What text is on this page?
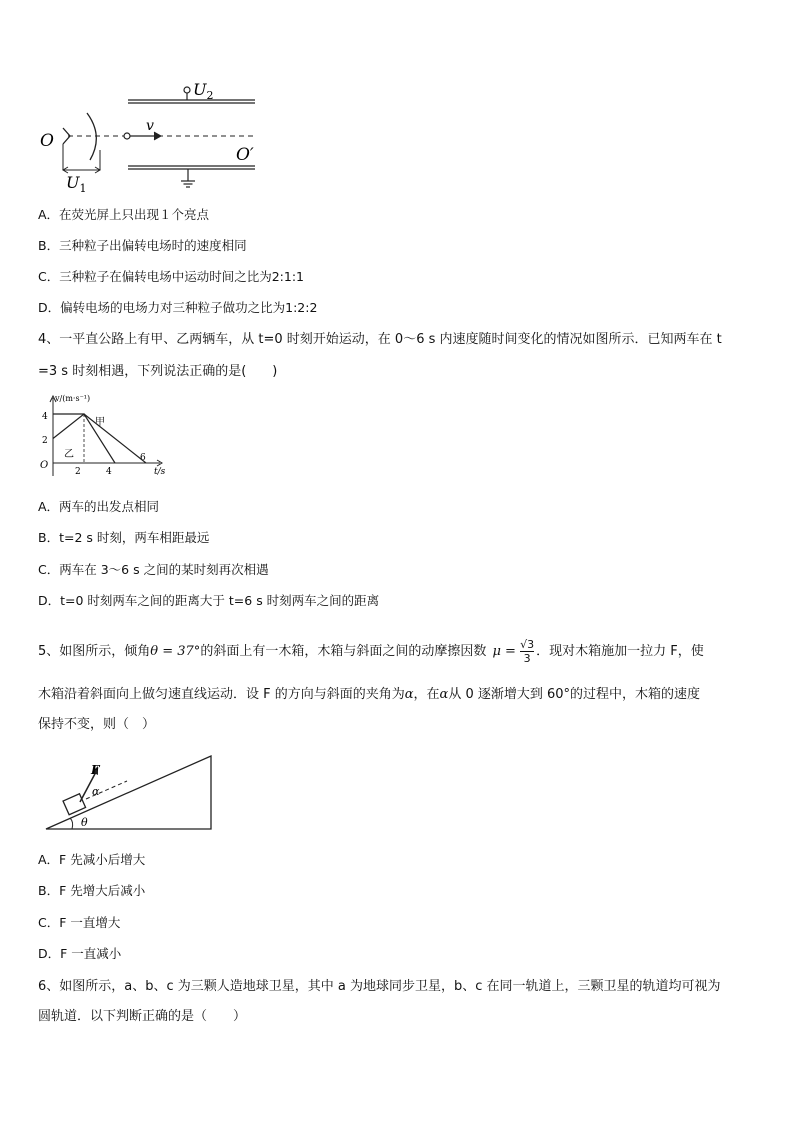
$U_2$
O
$U_1$
v
O′
A．在荧光屏上只出现１个亮点
B．三种粒子出偏转电场时的速度相同
C．三种粒子在偏转电场中运动时间之比为2:1:1
D．偏转电场的电场力对三种粒子做功之比为1:2:2
4、一平直公路上有甲、乙两辆车，从 t=0 时刻开始运动，在 0～6 s 内速度随时间变化的情况如图所示．已知两车在 t
=3 s 时刻相遇，下列说法正确的是(　　)
v/(m·s⁻¹)
t/s
O
4
2
2	4
6
甲
乙
A．两车的出发点相同
B．t=2 s 时刻，两车相距最远
C．两车在 3～6 s 之间的某时刻再次相遇
D．t=0 时刻两车之间的距离大于 t=6 s 时刻两车之间的距离
5、如图所示，倾角θ = 37°的斜面上有一木箱，木箱与斜面之间的动摩擦因数 $\mu = \frac{√3}{3}$ ．现对木箱施加一拉力 F，使
木箱沿着斜面向上做匀速直线运动．设 F 的方向与斜面的夹角为α，在α从 0 逐渐增大到 60°的过程中，木箱的速度
保持不变，则（　）
F
α
θ
A．F 先减小后增大
B．F 先增大后减小
C．F 一直增大
D．F 一直减小
6、如图所示，a、b、c 为三颗人造地球卫星，其中 a 为地球同步卫星，b、c 在同一轨道上，三颗卫星的轨道均可视为
圆轨道．以下判断正确的是（　　）
